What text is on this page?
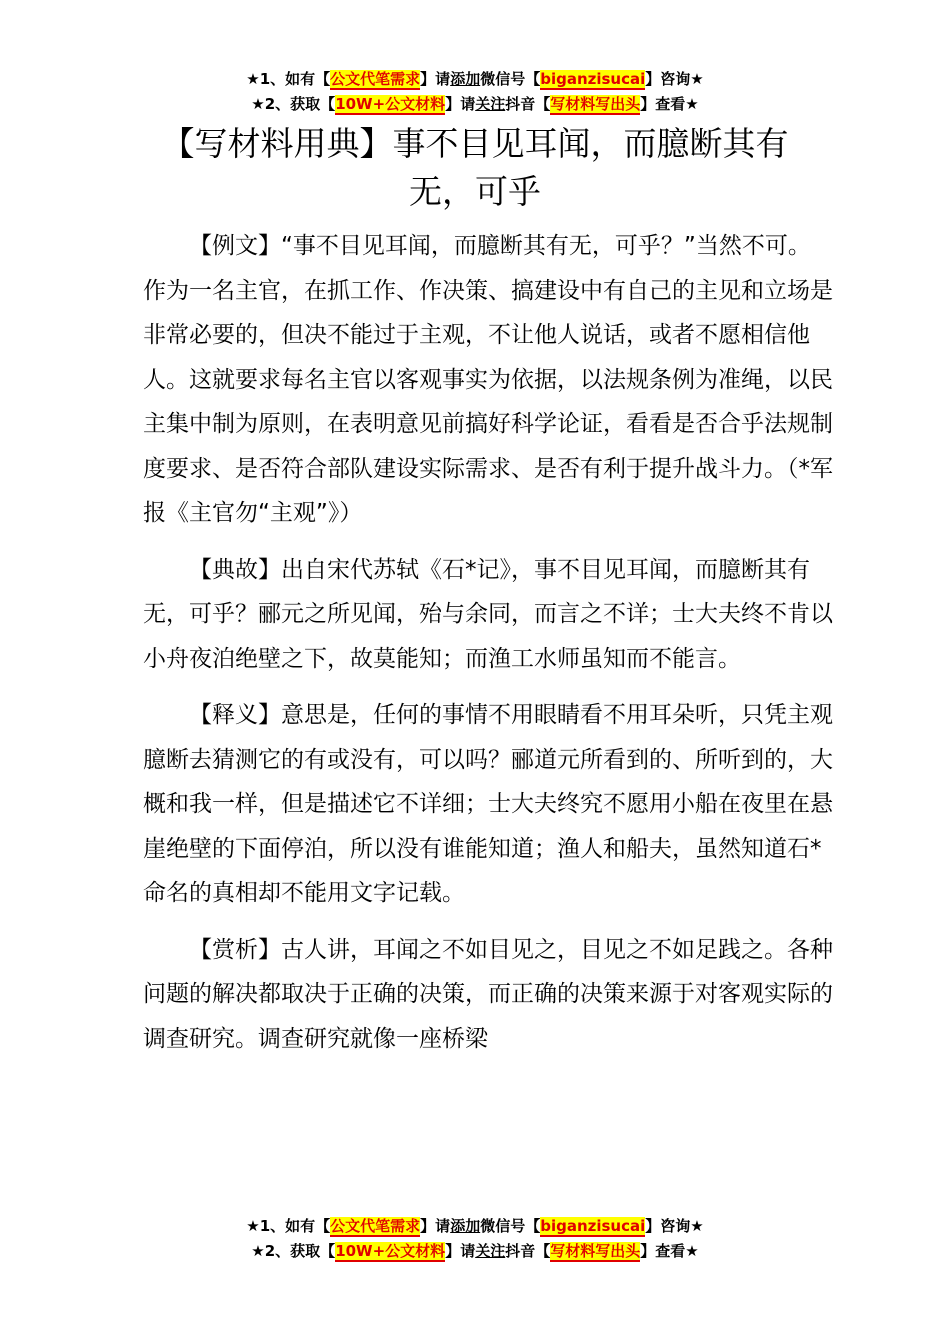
★1、如有【公文代笔需求】请添加微信号【biganzisucai】咨询★
★2、获取【10W+公文材料】请关注抖音【写材料写出头】查看★
【写材料用典】事不目见耳闻，而臆断其有无，可乎

【例文】“事不目见耳闻，而臆断其有无，可乎？”当然不可。作为一名主官，在抓工作、作决策、搞建设中有自己的主见和立场是非常必要的，但决不能过于主观，不让他人说话，或者不愿相信他人。这就要求每名主官以客观事实为依据，以法规条例为准绳，以民主集中制为原则，在表明意见前搞好科学论证，看看是否合乎法规制度要求、是否符合部队建设实际需求、是否有利于提升战斗力。（*军报《主官勿“主观”》）

【典故】出自宋代苏轼《石*记》，事不目见耳闻，而臆断其有无，可乎？郦元之所见闻，殆与余同，而言之不详；士大夫终不肯以小舟夜泊绝壁之下，故莫能知；而渔工水师虽知而不能言。

【释义】意思是，任何的事情不用眼睛看不用耳朵听，只凭主观臆断去猜测它的有或没有，可以吗？郦道元所看到的、所听到的，大概和我一样，但是描述它不详细；士大夫终究不愿用小船在夜里在悬崖绝壁的下面停泊，所以没有谁能知道；渔人和船夫，虽然知道石*命名的真相却不能用文字记载。

【赏析】古人讲，耳闻之不如目见之，目见之不如足践之。各种问题的解决都取决于正确的决策，而正确的决策来源于对客观实际的调查研究。调查研究就像一座桥梁

★1、如有【公文代笔需求】请添加微信号【biganzisucai】咨询★
★2、获取【10W+公文材料】请关注抖音【写材料写出头】查看★
